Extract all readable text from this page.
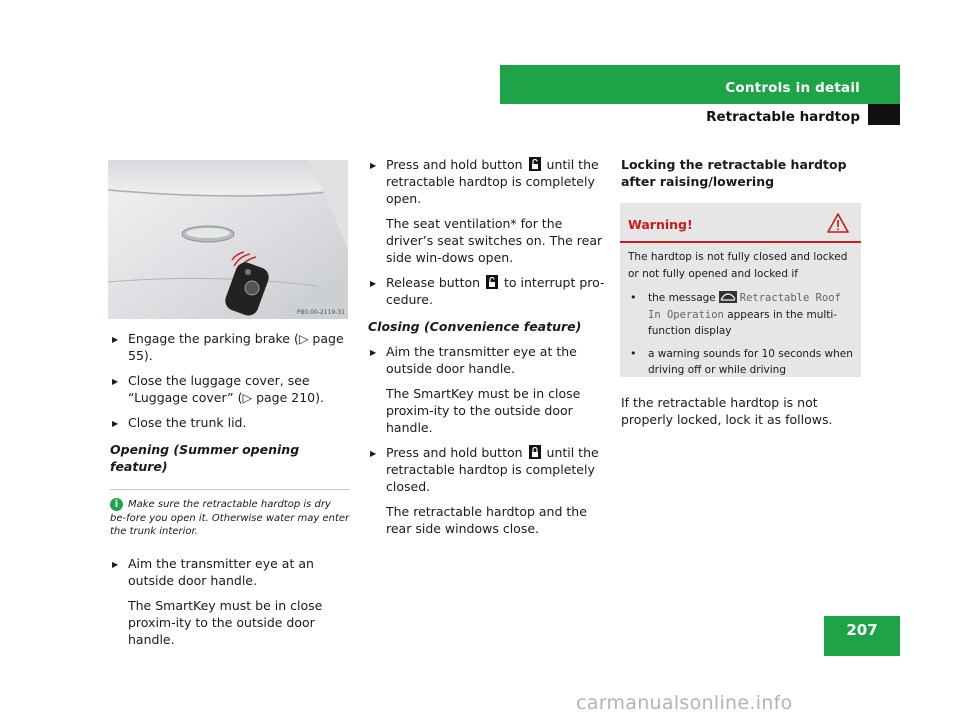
Controls in detail
Retractable hardtop
P80.00-2119-31
▶ Engage the parking brake (▷ page 55).
▶ Close the luggage cover, see “Luggage cover” (▷ page 210).
▶ Close the trunk lid.
Opening (Summer opening feature)
i Make sure the retractable hardtop is dry be-fore you open it. Otherwise water may enter the trunk interior.
▶ Aim the transmitter eye at an outside door handle.
The SmartKey must be in close proxim-ity to the outside door handle.
▶ Press and hold button until the retractable hardtop is completely open.
The seat ventilation* for the driver’s seat switches on. The rear side win-dows open.
▶ Release button to interrupt pro-cedure.
Closing (Convenience feature)
▶ Aim the transmitter eye at the outside door handle.
The SmartKey must be in close proxim-ity to the outside door handle.
▶ Press and hold button until the retractable hardtop is completely closed.
The retractable hardtop and the rear side windows close.
Locking the retractable hardtop after raising/lowering
Warning!
The hardtop is not fully closed and locked or not fully opened and locked if
• the message Retractable Roof In Operation appears in the multi-function display
• a warning sounds for 10 seconds when driving off or while driving
If the retractable hardtop is not properly locked, lock it as follows.
207
carmanualsonline.info
